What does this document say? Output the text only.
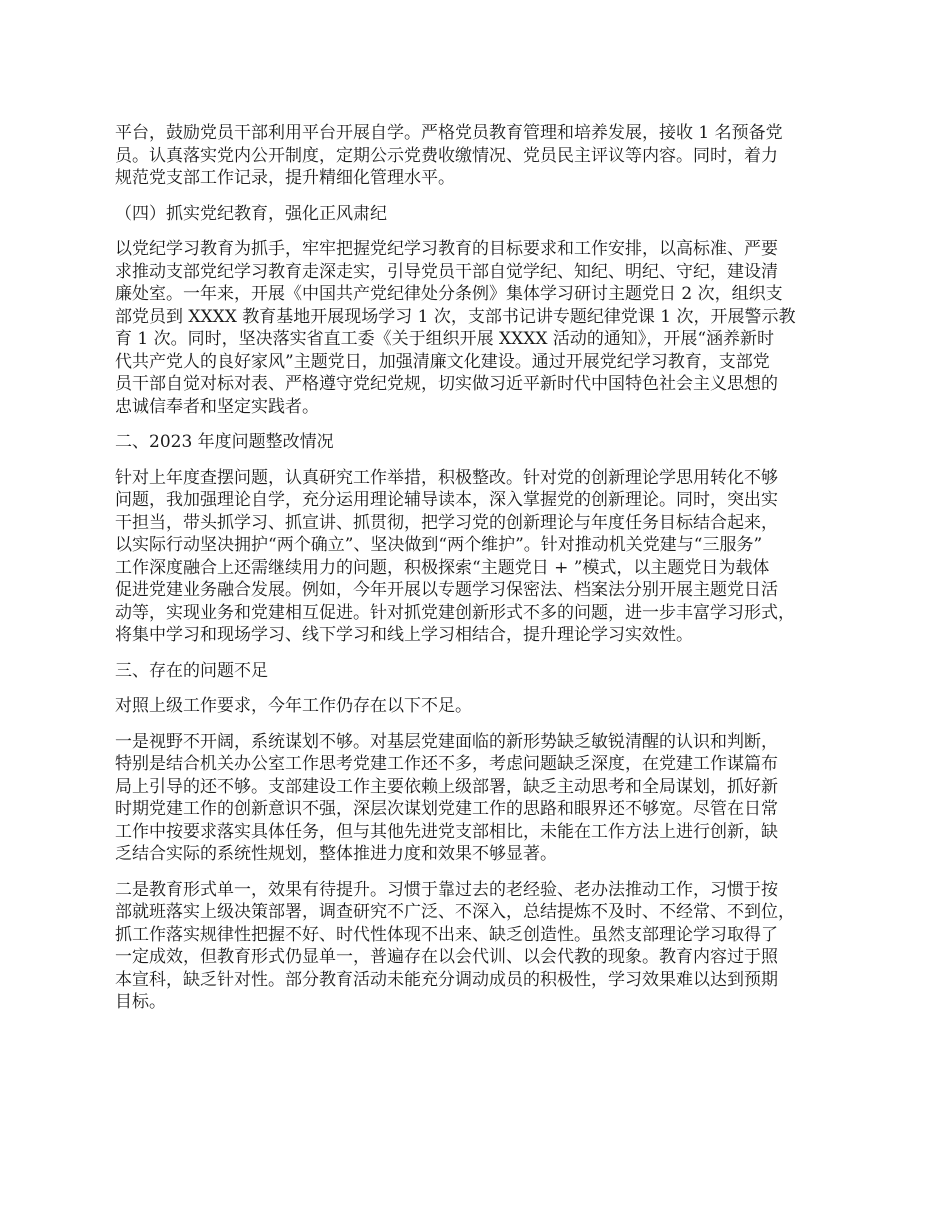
平台，鼓励党员干部利用平台开展自学。严格党员教育管理和培养发展，接收 1 名预备党
员。认真落实党内公开制度，定期公示党费收缴情况、党员民主评议等内容。同时，着力
规范党支部工作记录，提升精细化管理水平。
（四）抓实党纪教育，强化正风肃纪
以党纪学习教育为抓手，牢牢把握党纪学习教育的目标要求和工作安排，以高标准、严要
求推动支部党纪学习教育走深走实，引导党员干部自觉学纪、知纪、明纪、守纪，建设清
廉处室。一年来，开展《中国共产党纪律处分条例》集体学习研讨主题党日 2 次，组织支
部党员到 XXXX 教育基地开展现场学习 1 次，支部书记讲专题纪律党课 1 次，开展警示教
育 1 次。同时，坚决落实省直工委《关于组织开展 XXXX 活动的通知》，开展“涵养新时
代共产党人的良好家风”主题党日，加强清廉文化建设。通过开展党纪学习教育，支部党
员干部自觉对标对表、严格遵守党纪党规，切实做习近平新时代中国特色社会主义思想的
忠诚信奉者和坚定实践者。
二、2023 年度问题整改情况
针对上年度查摆问题，认真研究工作举措，积极整改。针对党的创新理论学思用转化不够
问题，我加强理论自学，充分运用理论辅导读本，深入掌握党的创新理论。同时，突出实
干担当，带头抓学习、抓宣讲、抓贯彻，把学习党的创新理论与年度任务目标结合起来，
以实际行动坚决拥护“两个确立”、坚决做到“两个维护”。针对推动机关党建与“三服务”
工作深度融合上还需继续用力的问题，积极探索“主题党日 + ”模式，以主题党日为载体
促进党建业务融合发展。例如，今年开展以专题学习保密法、档案法分别开展主题党日活
动等，实现业务和党建相互促进。针对抓党建创新形式不多的问题，进一步丰富学习形式，
将集中学习和现场学习、线下学习和线上学习相结合，提升理论学习实效性。
三、存在的问题不足
对照上级工作要求，今年工作仍存在以下不足。
一是视野不开阔，系统谋划不够。对基层党建面临的新形势缺乏敏锐清醒的认识和判断，
特别是结合机关办公室工作思考党建工作还不多，考虑问题缺乏深度，在党建工作谋篇布
局上引导的还不够。支部建设工作主要依赖上级部署，缺乏主动思考和全局谋划，抓好新
时期党建工作的创新意识不强，深层次谋划党建工作的思路和眼界还不够宽。尽管在日常
工作中按要求落实具体任务，但与其他先进党支部相比，未能在工作方法上进行创新，缺
乏结合实际的系统性规划，整体推进力度和效果不够显著。
二是教育形式单一，效果有待提升。习惯于靠过去的老经验、老办法推动工作，习惯于按
部就班落实上级决策部署，调查研究不广泛、不深入，总结提炼不及时、不经常、不到位，
抓工作落实规律性把握不好、时代性体现不出来、缺乏创造性。虽然支部理论学习取得了
一定成效，但教育形式仍显单一，普遍存在以会代训、以会代教的现象。教育内容过于照
本宣科，缺乏针对性。部分教育活动未能充分调动成员的积极性，学习效果难以达到预期
目标。
